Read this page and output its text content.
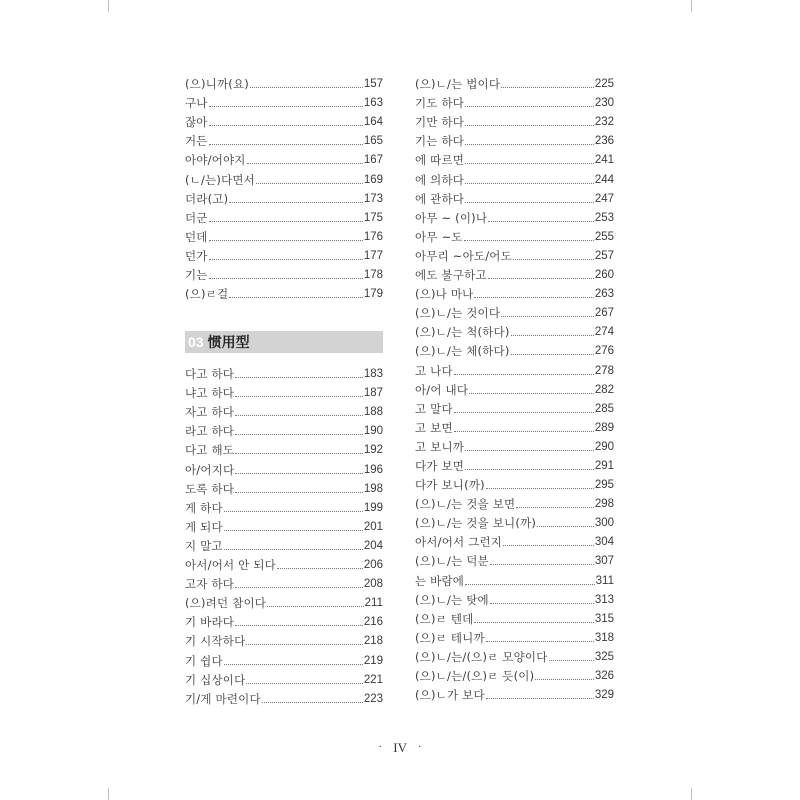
(으)니까(요)	157
구나	163
잖아	164
거든	165
아야/어야지	167
(ㄴ/는)다면서	169
더라(고)	173
더군	175
던데	176
던가	177
기는	178
(으)ㄹ걸	179
03 惯用型
다고 하다	183
냐고 하다	187
자고 하다	188
라고 하다	190
다고 해도	192
아/어지다	196
도록 하다	198
게 하다	199
게 되다	201
지 말고	204
아서/어서 안 되다	206
고자 하다	208
(으)려던 참이다	211
기 바라다	216
기 시작하다	218
기 쉽다	219
기 십상이다	221
기/게 마련이다	223
(으)ㄴ/는 법이다	225
기도 하다	230
기만 하다	232
기는 하다	236
에 따르면	241
에 의하다	244
에 관하다	247
아무 ~ (이)나	253
아무 ~도	255
아무리 ~아도/어도	257
에도 불구하고	260
(으)나 마나	263
(으)ㄴ/는 것이다	267
(으)ㄴ/는 척(하다)	274
(으)ㄴ/는 체(하다)	276
고 나다	278
아/어 내다	282
고 말다	285
고 보면	289
고 보니까	290
다가 보면	291
다가 보니(까)	295
(으)ㄴ/는 것을 보면	298
(으)ㄴ/는 것을 보니(까)	300
아서/어서 그런지	304
(으)ㄴ/는 덕분	307
는 바람에	311
(으)ㄴ/는 탓에	313
(으)ㄹ 텐데	315
(으)ㄹ 테니까	318
(으)ㄴ/는/(으)ㄹ 모양이다	325
(으)ㄴ/는/(으)ㄹ 듯(이)	326
(으)ㄴ가 보다	329
· IV ·
